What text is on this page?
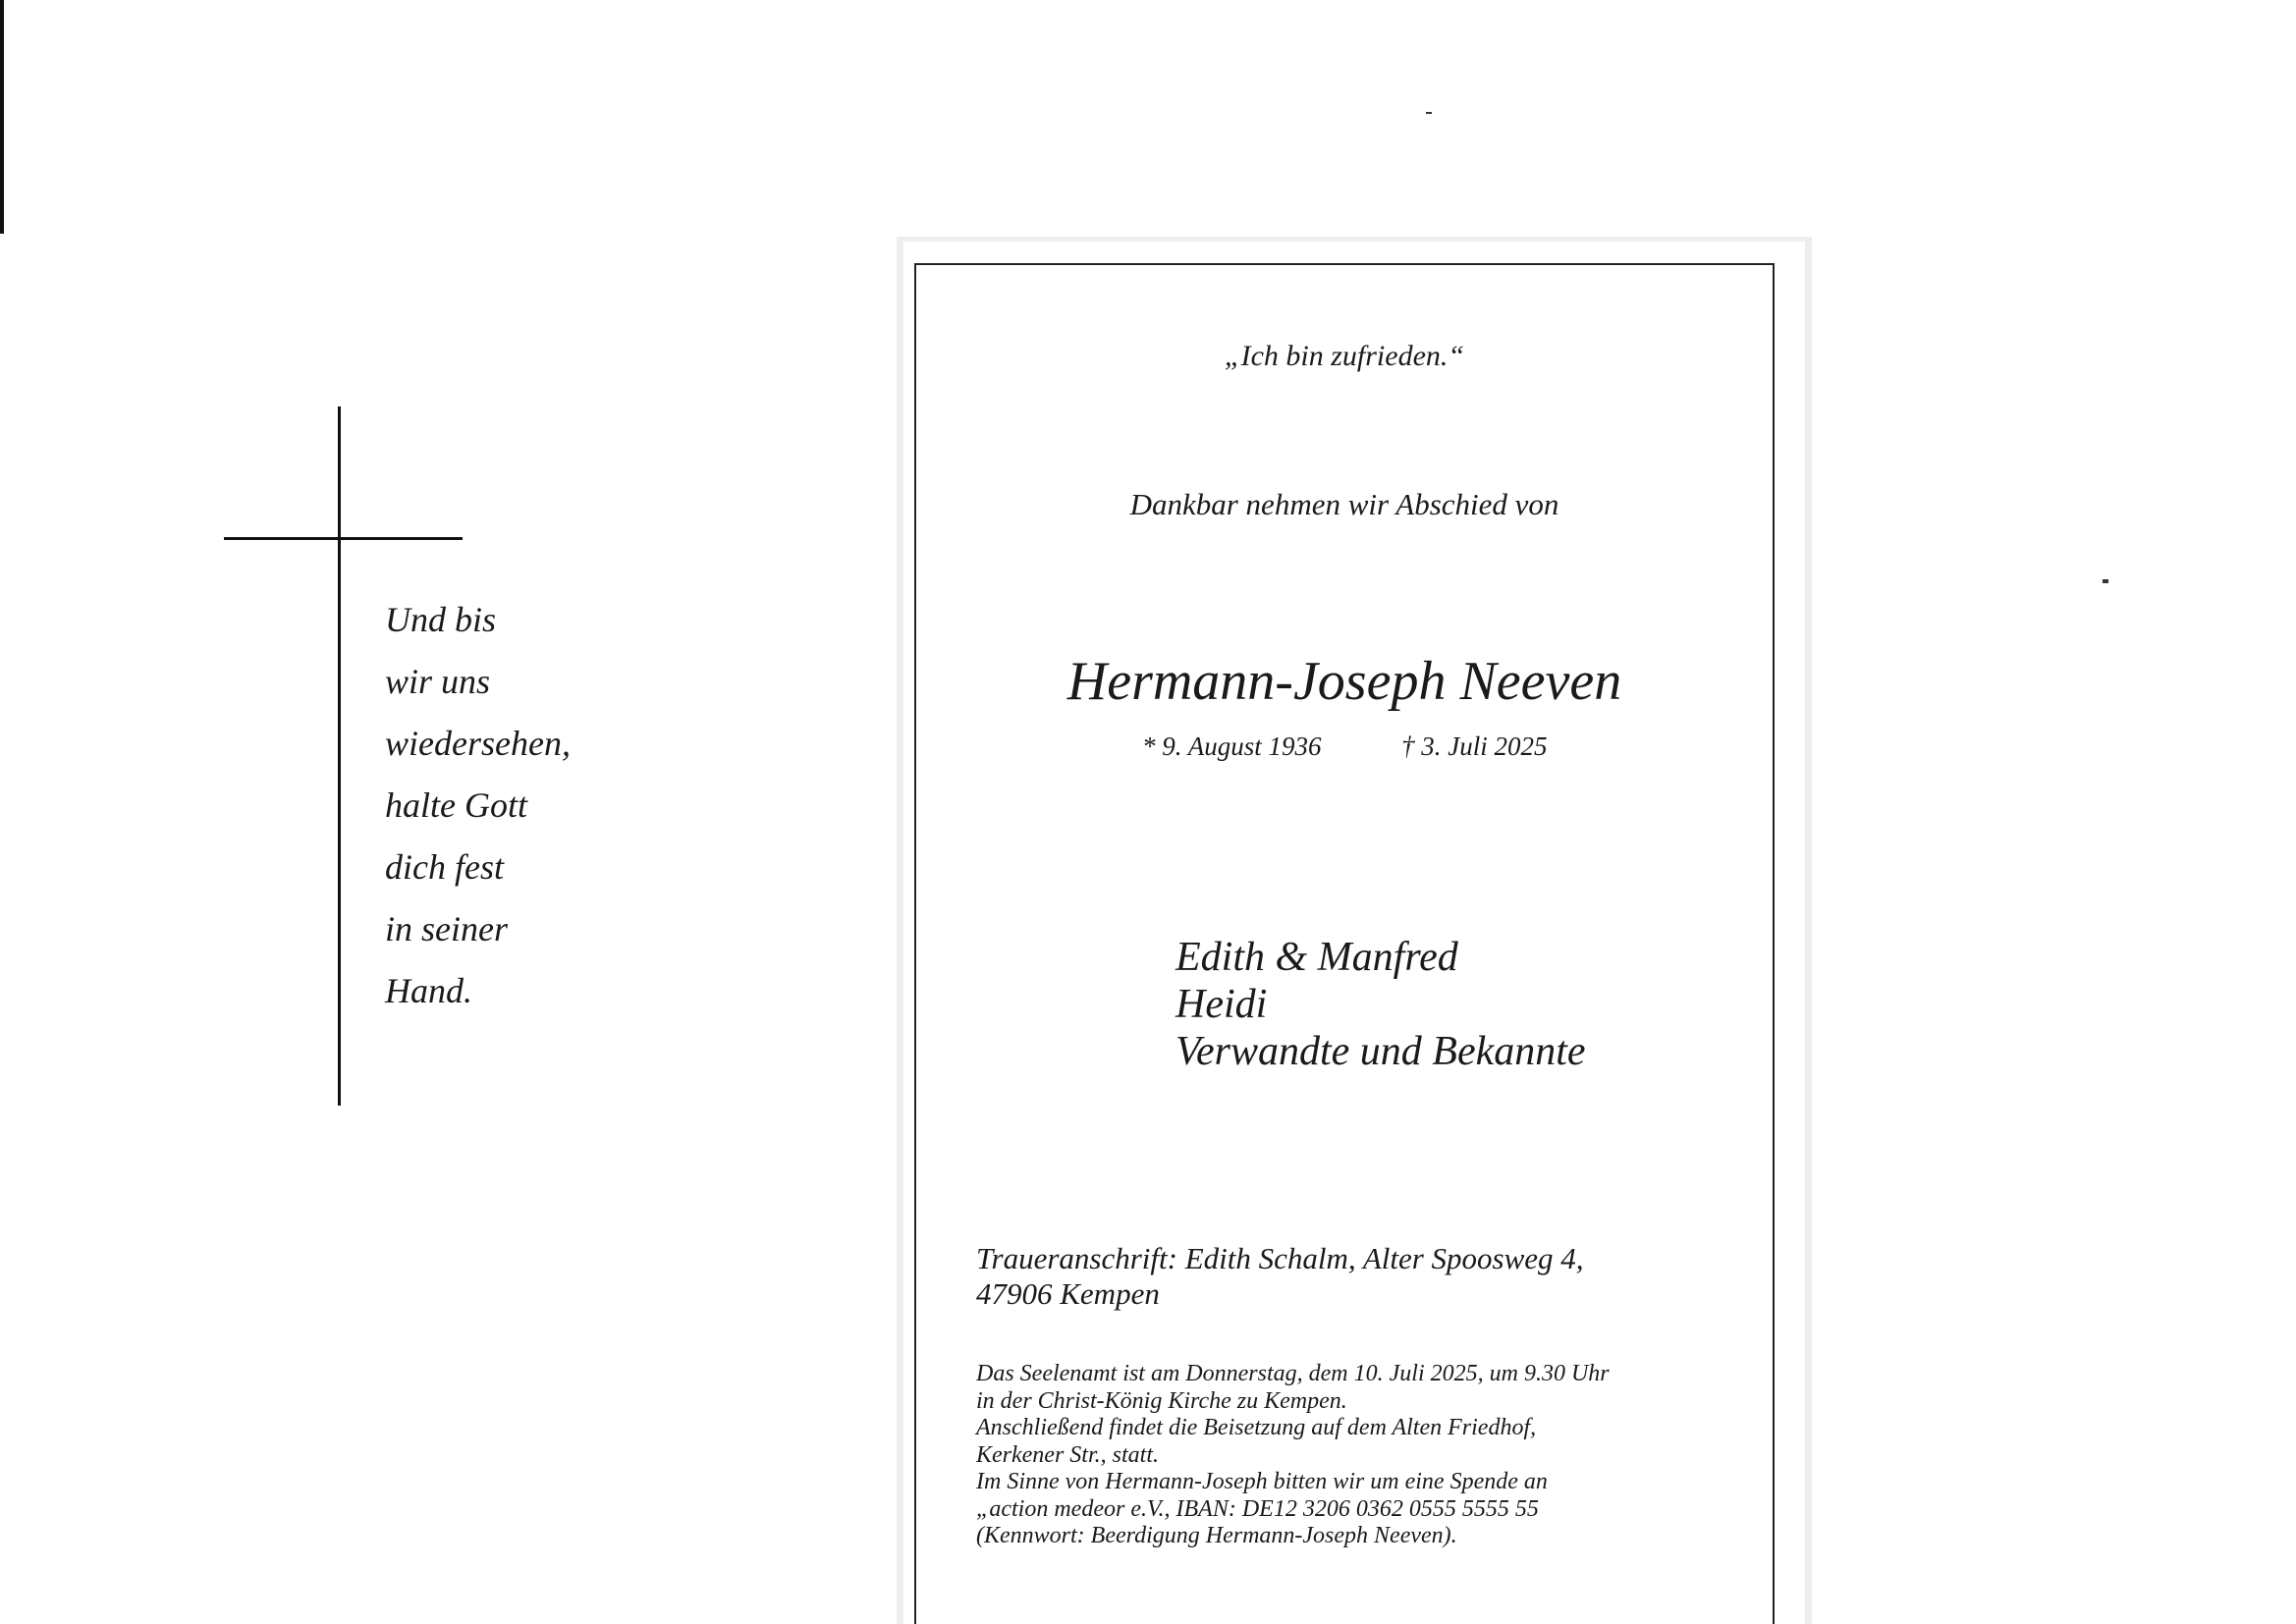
Und bis
wir uns
wiedersehen,
halte Gott
dich fest
in seiner
Hand.
„Ich bin zufrieden.“
Dankbar nehmen wir Abschied von
Hermann-Joseph Neeven
* 9. August 1936	† 3. Juli 2025
Edith & Manfred
Heidi
Verwandte und Bekannte
Traueranschrift: Edith Schalm, Alter Spoosweg 4,
47906 Kempen
Das Seelenamt ist am Donnerstag, dem 10. Juli 2025, um 9.30 Uhr
in der Christ-König Kirche zu Kempen.
Anschließend findet die Beisetzung auf dem Alten Friedhof,
Kerkener Str., statt.
Im Sinne von Hermann-Joseph bitten wir um eine Spende an
„action medeor e.V., IBAN: DE12 3206 0362 0555 5555 55
(Kennwort: Beerdigung Hermann-Joseph Neeven).
